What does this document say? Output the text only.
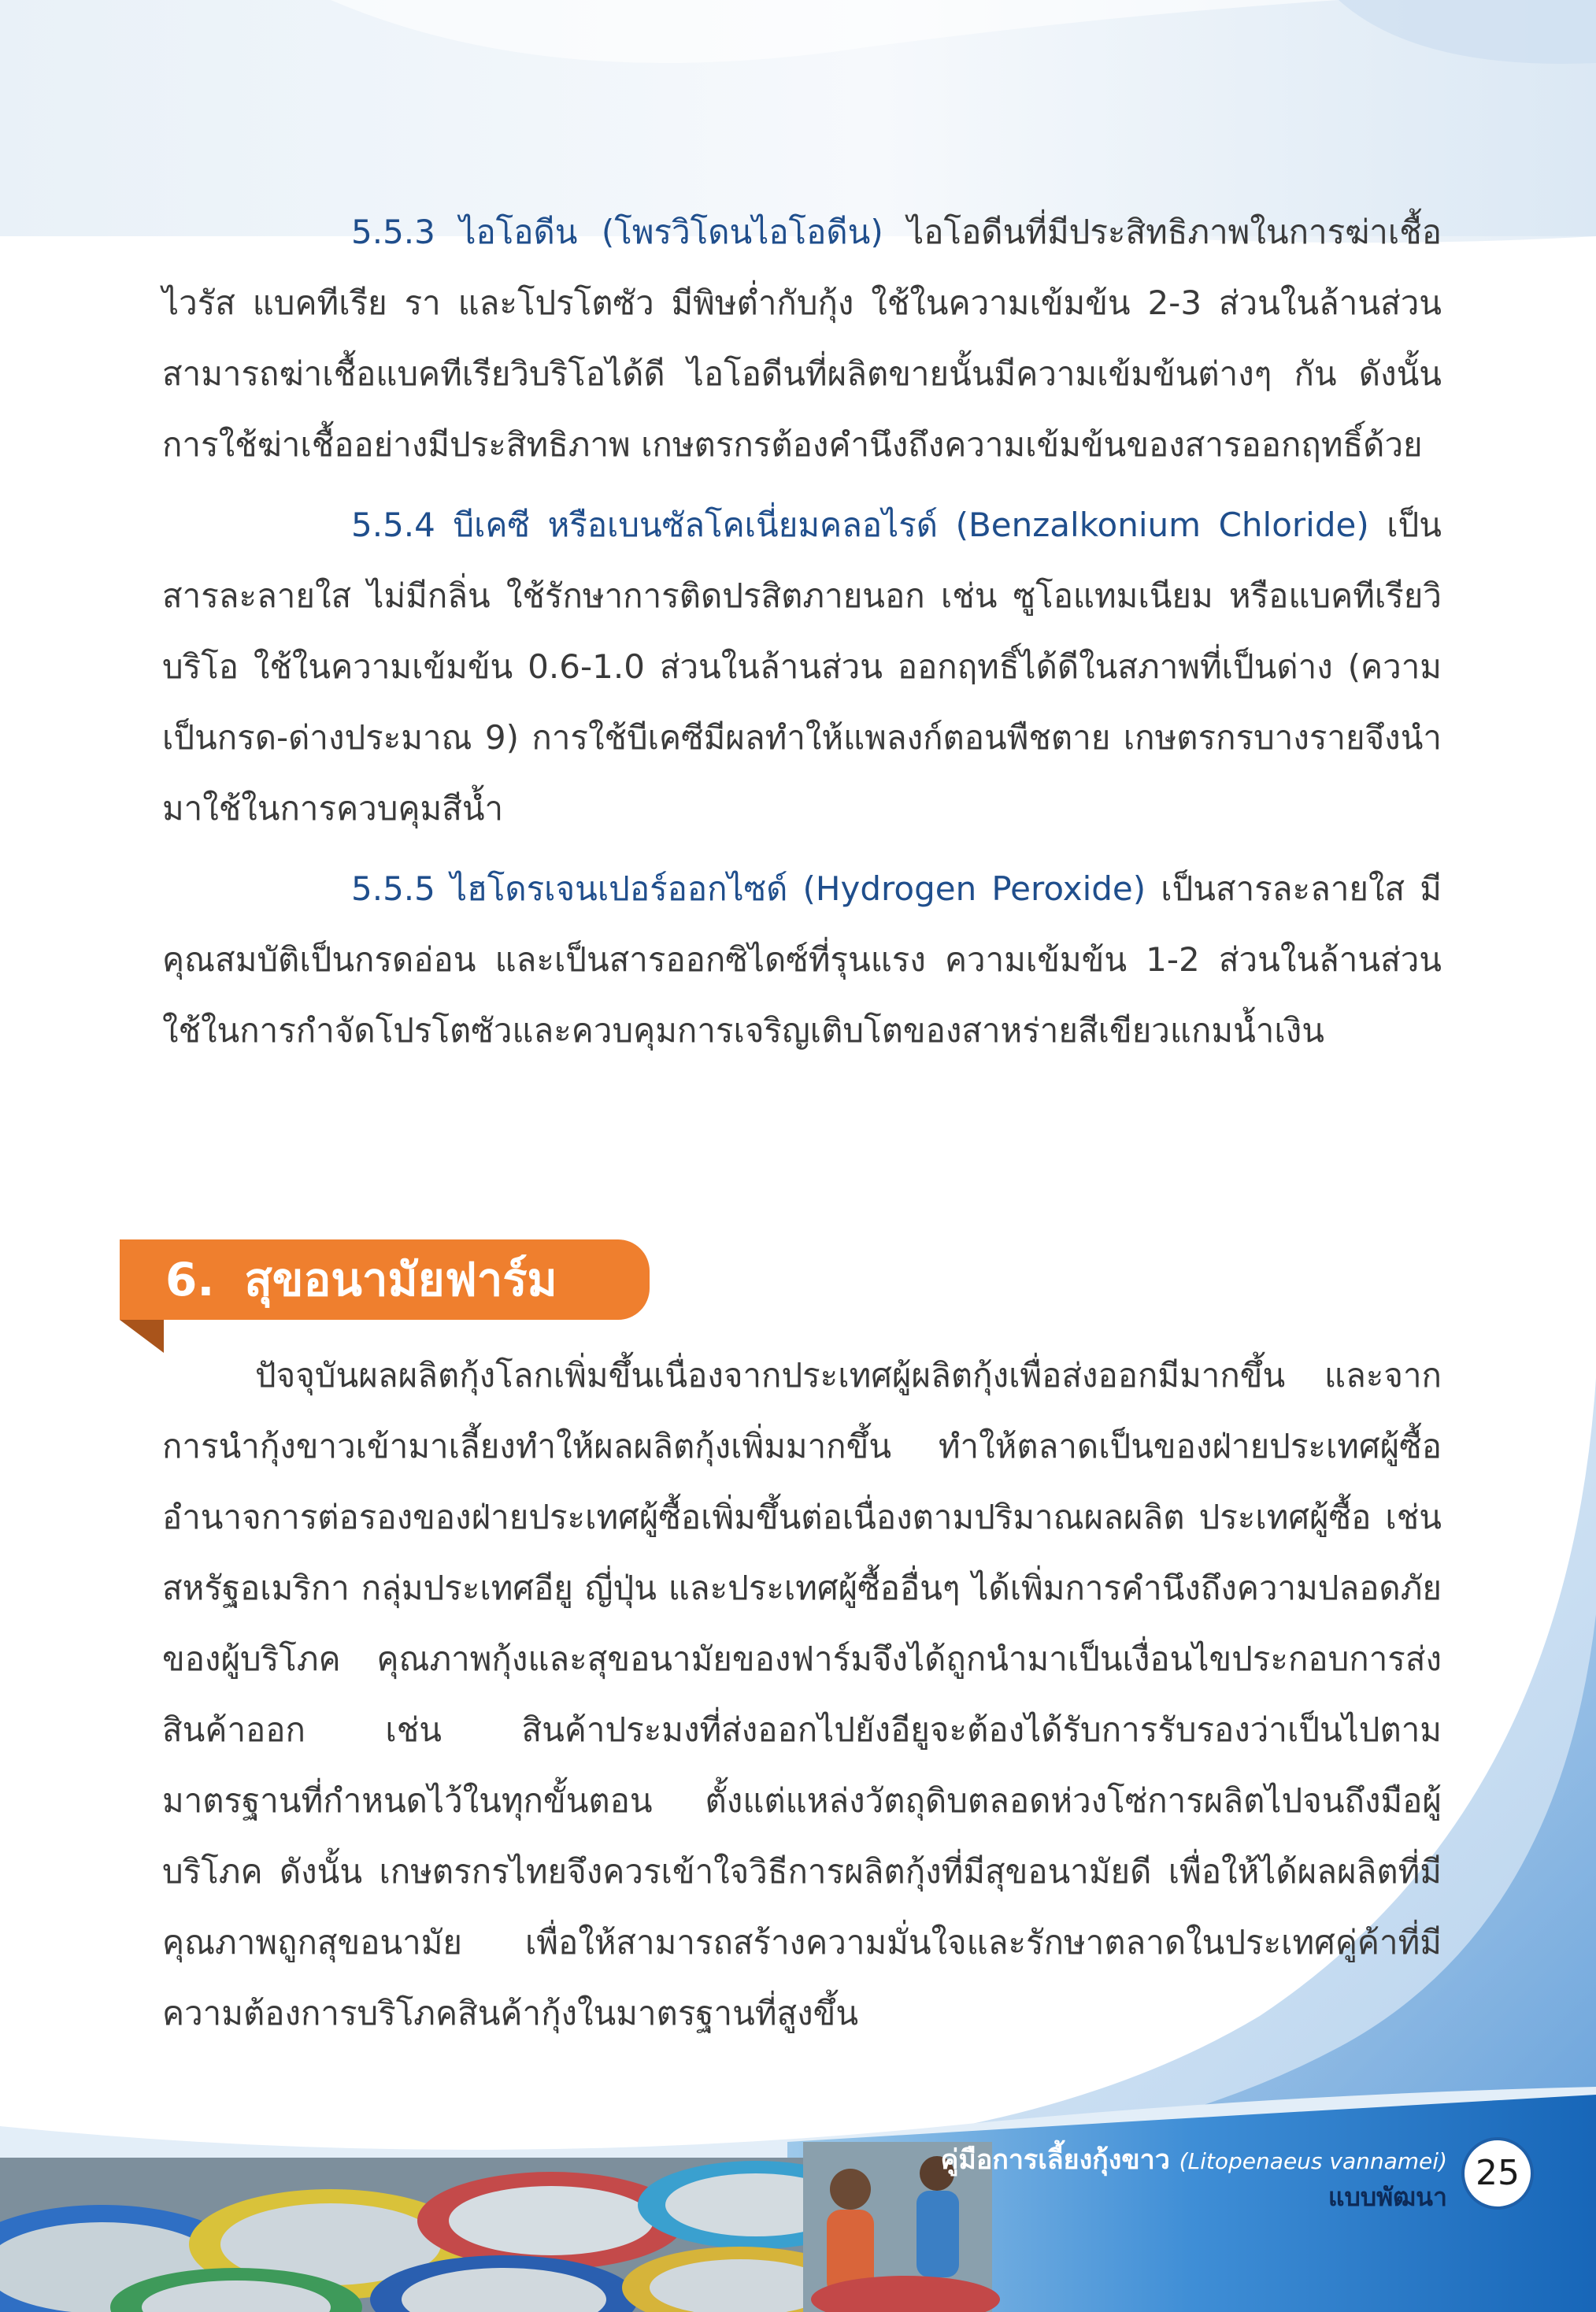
5.5.3 ไอโอดีน (โพรวิโดนไอโอดีน) ไอโอดีนที่มีประสิทธิภาพในการฆ่าเชื้อไวรัส แบคทีเรีย รา และโปรโตซัว มีพิษต่ำกับกุ้ง ใช้ในความเข้มข้น 2-3 ส่วนในล้านส่วน สามารถฆ่าเชื้อแบคทีเรียวิบริโอได้ดี ไอโอดีนที่ผลิตขายนั้นมีความเข้มข้นต่างๆ กัน ดังนั้นการใช้ฆ่าเชื้ออย่างมีประสิทธิภาพ เกษตรกรต้องคำนึงถึงความเข้มข้นของสารออกฤทธิ์ด้วย

5.5.4 บีเคซี หรือเบนซัลโคเนี่ยมคลอไรด์ (Benzalkonium Chloride) เป็นสารละลายใส ไม่มีกลิ่น ใช้รักษาการติดปรสิตภายนอก เช่น ซูโอแทมเนียม หรือแบคทีเรียวิบริโอ ใช้ในความเข้มข้น 0.6-1.0 ส่วนในล้านส่วน ออกฤทธิ์ได้ดีในสภาพที่เป็นด่าง (ความเป็นกรด-ด่างประมาณ 9) การใช้บีเคซีมีผลทำให้แพลงก์ตอนพืชตาย เกษตรกรบางรายจึงนำมาใช้ในการควบคุมสีน้ำ

5.5.5 ไฮโดรเจนเปอร์ออกไซด์ (Hydrogen Peroxide) เป็นสารละลายใส มีคุณสมบัติเป็นกรดอ่อน และเป็นสารออกซิไดซ์ที่รุนแรง ความเข้มข้น 1-2 ส่วนในล้านส่วน ใช้ในการกำจัดโปรโตซัวและควบคุมการเจริญเติบโตของสาหร่ายสีเขียวแกมน้ำเงิน

6. สุขอนามัยฟาร์ม

ปัจจุบันผลผลิตกุ้งโลกเพิ่มขึ้นเนื่องจากประเทศผู้ผลิตกุ้งเพื่อส่งออกมีมากขึ้น และจากการนำกุ้งขาวเข้ามาเลี้ยงทำให้ผลผลิตกุ้งเพิ่มมากขึ้น ทำให้ตลาดเป็นของฝ่ายประเทศผู้ซื้อ อำนาจการต่อรองของฝ่ายประเทศผู้ซื้อเพิ่มขึ้นต่อเนื่องตามปริมาณผลผลิต ประเทศผู้ซื้อ เช่น สหรัฐอเมริกา กลุ่มประเทศอียู ญี่ปุ่น และประเทศผู้ซื้ออื่นๆ ได้เพิ่มการคำนึงถึงความปลอดภัยของผู้บริโภค คุณภาพกุ้งและสุขอนามัยของฟาร์มจึงได้ถูกนำมาเป็นเงื่อนไขประกอบการส่งสินค้าออก เช่น สินค้าประมงที่ส่งออกไปยังอียูจะต้องได้รับการรับรองว่าเป็นไปตามมาตรฐานที่กำหนดไว้ในทุกขั้นตอน ตั้งแต่แหล่งวัตถุดิบตลอดห่วงโซ่การผลิตไปจนถึงมือผู้บริโภค ดังนั้น เกษตรกรไทยจึงควรเข้าใจวิธีการผลิตกุ้งที่มีสุขอนามัยดี เพื่อให้ได้ผลผลิตที่มีคุณภาพถูกสุขอนามัย เพื่อให้สามารถสร้างความมั่นใจและรักษาตลาดในประเทศคู่ค้าที่มีความต้องการบริโภคสินค้ากุ้งในมาตรฐานที่สูงขึ้น

คู่มือการเลี้ยงกุ้งขาว (Litopenaeus vannamei)
แบบพัฒนา
25
